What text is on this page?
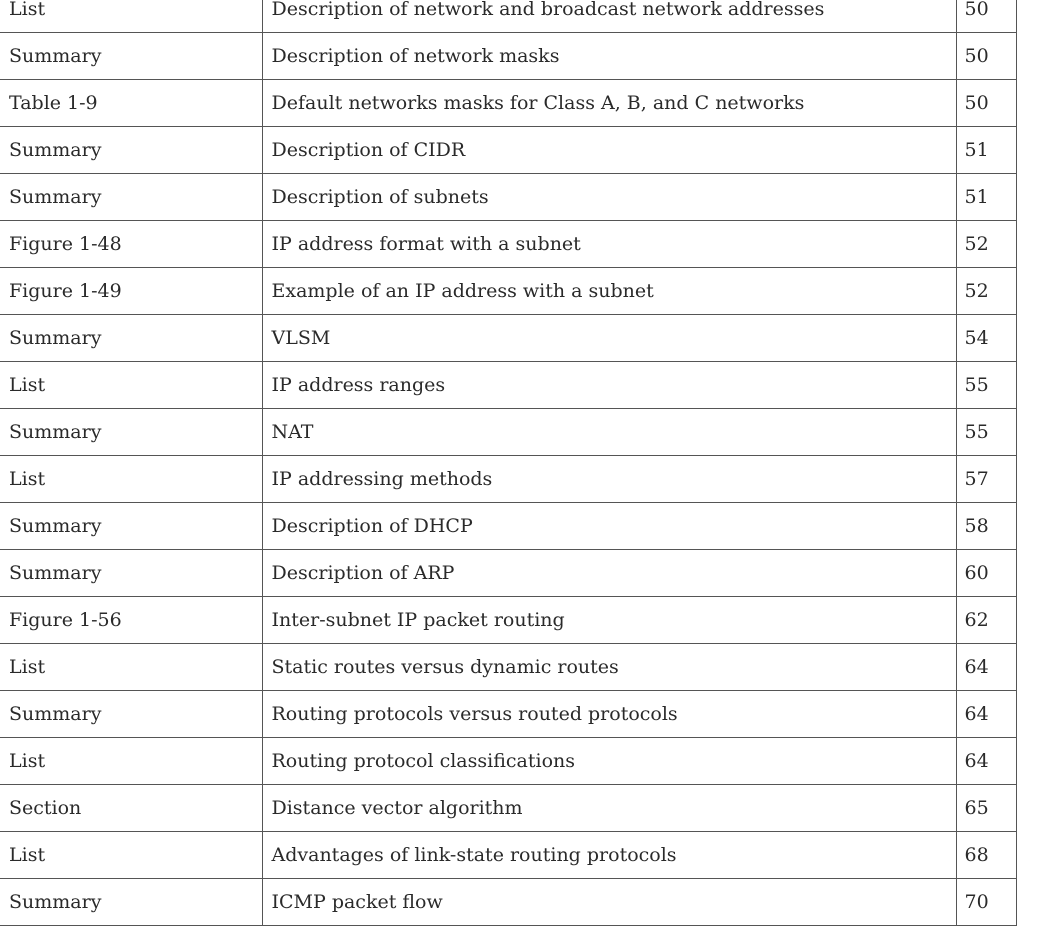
List	Description of network and broadcast network addresses	50
Summary	Description of network masks	50
Table 1-9	Default networks masks for Class A, B, and C networks	50
Summary	Description of CIDR	51
Summary	Description of subnets	51
Figure 1-48	IP address format with a subnet	52
Figure 1-49	Example of an IP address with a subnet	52
Summary	VLSM	54
List	IP address ranges	55
Summary	NAT	55
List	IP addressing methods	57
Summary	Description of DHCP	58
Summary	Description of ARP	60
Figure 1-56	Inter-subnet IP packet routing	62
List	Static routes versus dynamic routes	64
Summary	Routing protocols versus routed protocols	64
List	Routing protocol classifications	64
Section	Distance vector algorithm	65
List	Advantages of link-state routing protocols	68
Summary	ICMP packet flow	70
